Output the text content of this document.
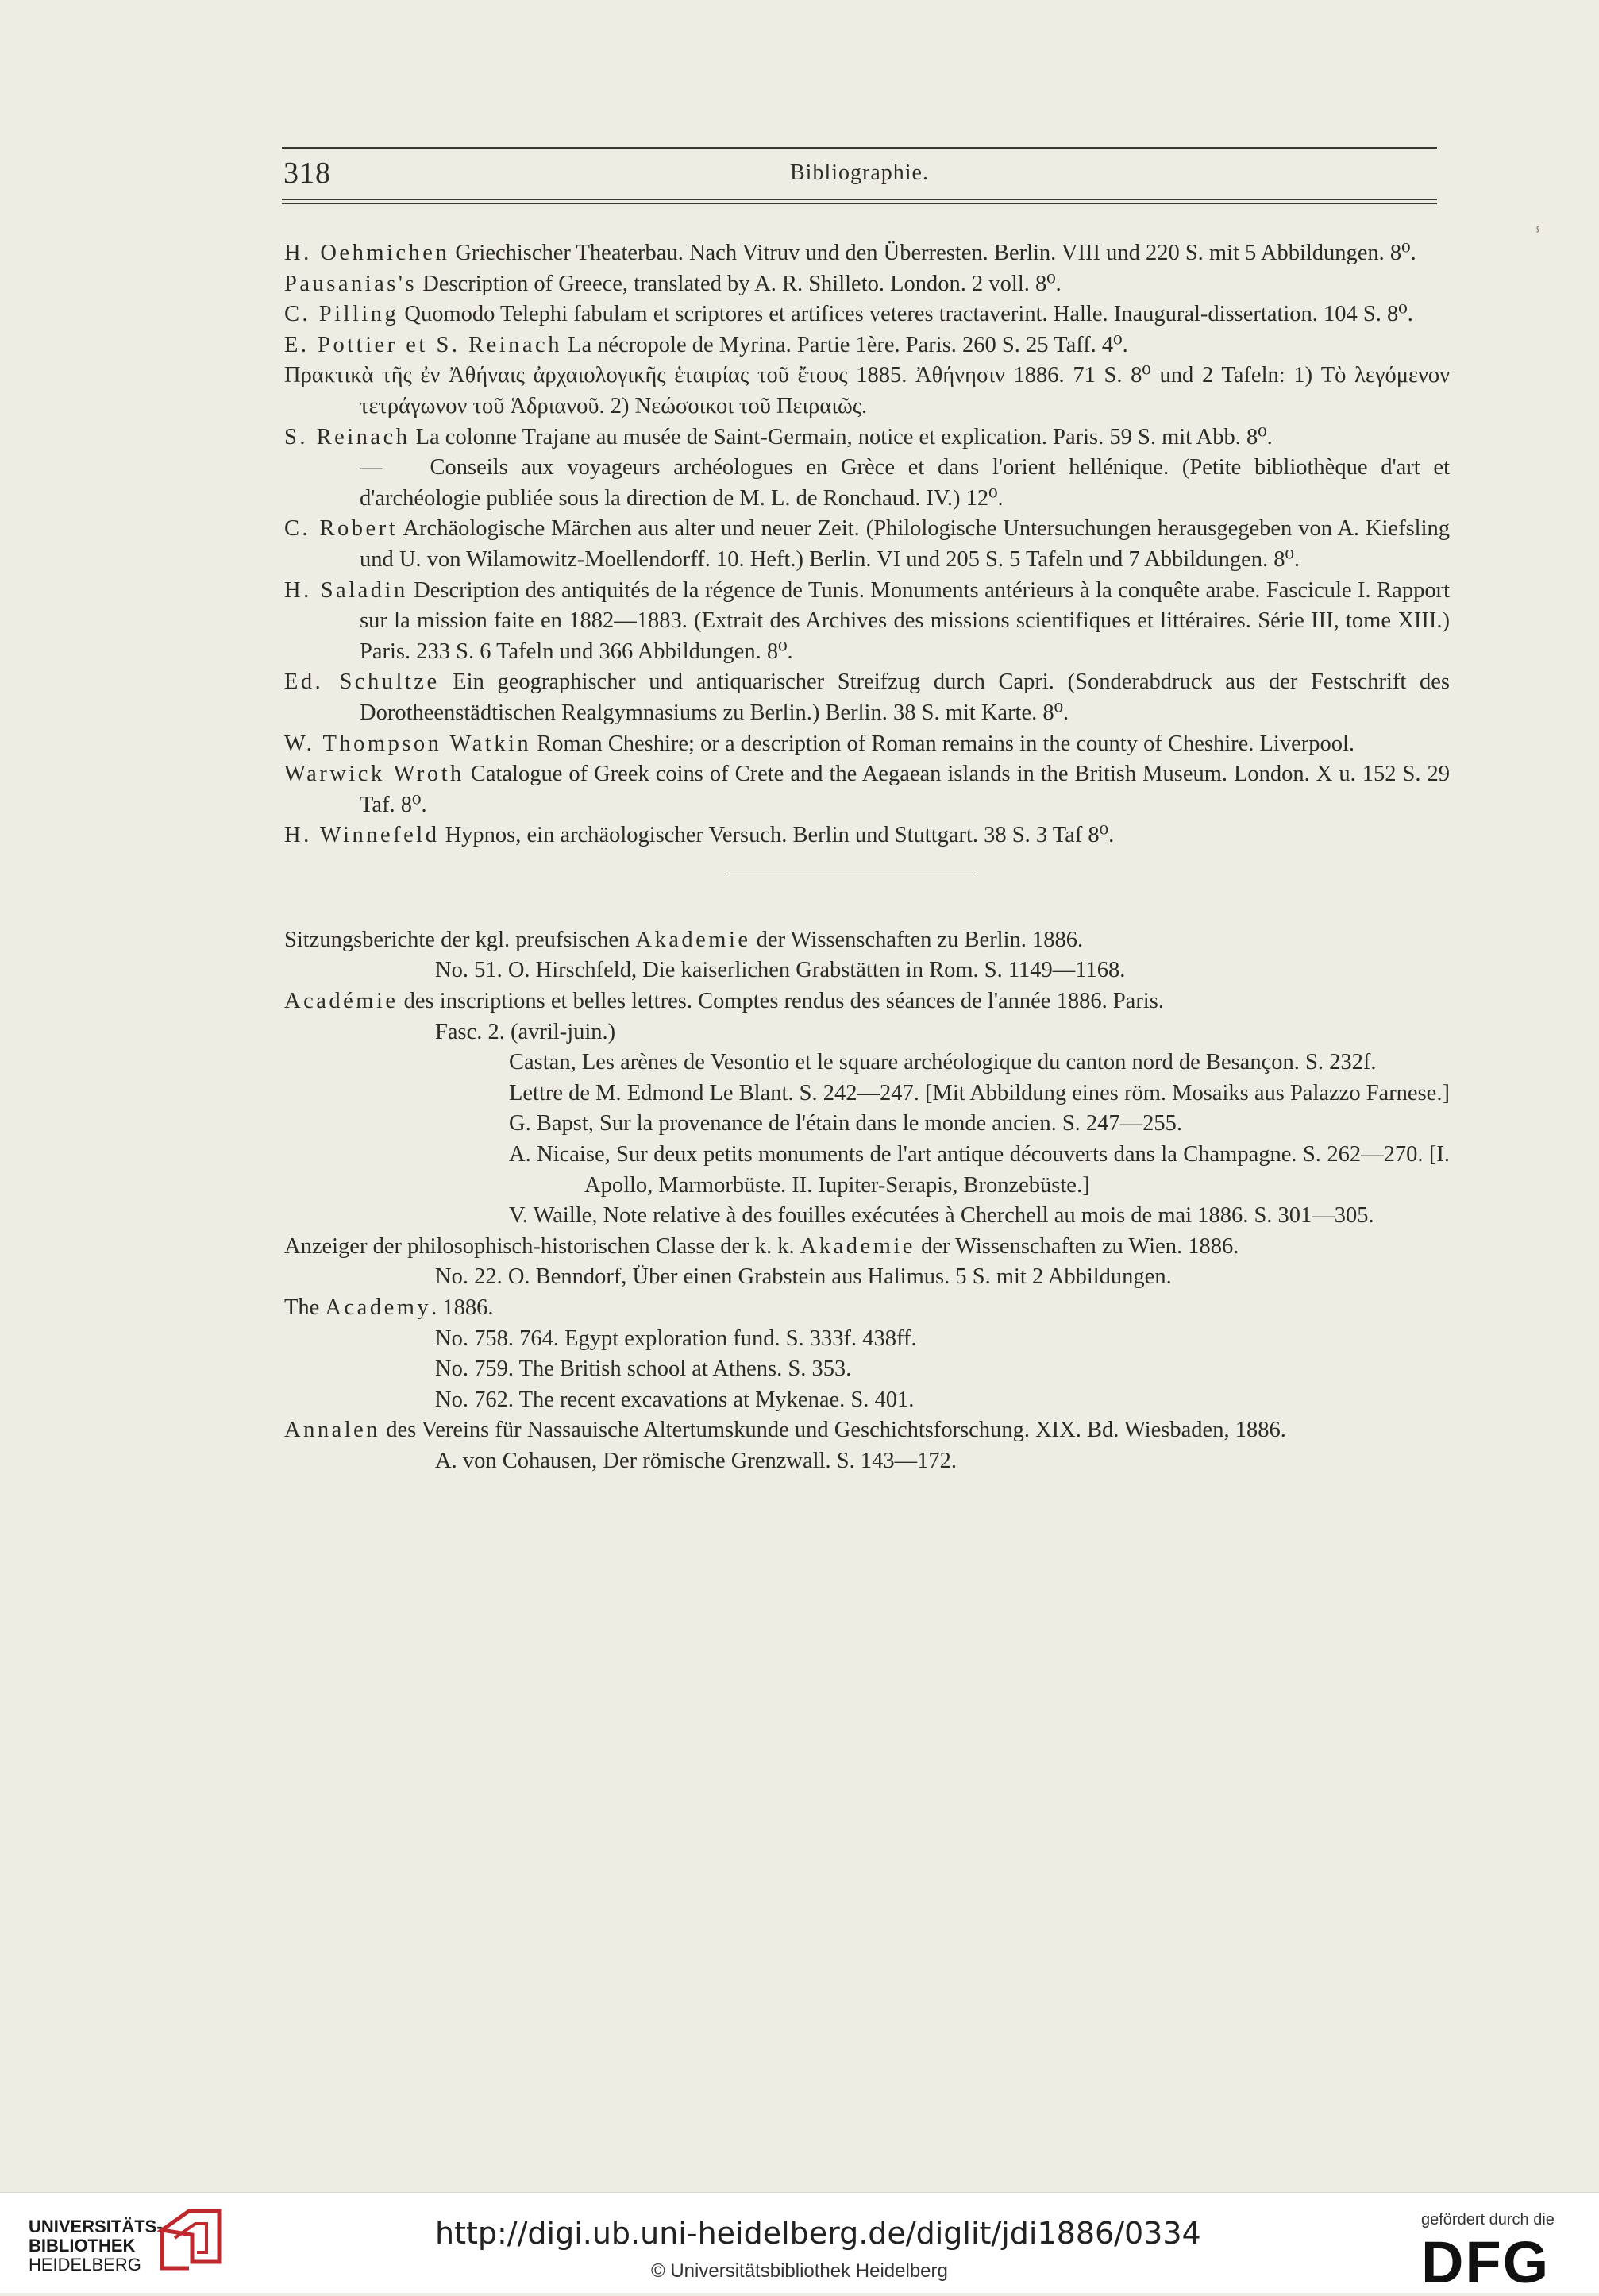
318	Bibliographie.
ⸯ

H. Oehmichen Griechischer Theaterbau. Nach Vitruv und den Überresten. Berlin. VIII und 220 S. mit 5 Abbildungen. 8⁰.

Pausanias's Description of Greece, translated by A. R. Shilleto. London. 2 voll. 8⁰.

C. Pilling Quomodo Telephi fabulam et scriptores et artifices veteres tractaverint. Halle. Inaugural-dissertation. 104 S. 8⁰.

E. Pottier et S. Reinach La nécropole de Myrina. Partie 1ère. Paris. 260 S. 25 Taff. 4⁰.

Πρακτικὰ τῆς ἐν Ἀθήναις ἀρχαιολογικῆς ἑταιρίας τοῦ ἔτους 1885. Ἀθήνησιν 1886. 71 S. 8⁰ und 2 Tafeln: 1) Τὸ λεγόμενον τετράγωνον τοῦ Ἁδριανοῦ. 2) Νεώσοικοι τοῦ Πειραιῶς.

S. Reinach La colonne Trajane au musée de Saint-Germain, notice et explication. Paris. 59 S. mit Abb. 8⁰.

— Conseils aux voyageurs archéologues en Grèce et dans l'orient hellénique. (Petite bibliothèque d'art et d'archéologie publiée sous la direction de M. L. de Ronchaud. IV.) 12⁰.

C. Robert Archäologische Märchen aus alter und neuer Zeit. (Philologische Untersuchungen herausgegeben von A. Kiefsling und U. von Wilamowitz-Moellendorff. 10. Heft.) Berlin. VI und 205 S. 5 Tafeln und 7 Abbildungen. 8⁰.

H. Saladin Description des antiquités de la régence de Tunis. Monuments antérieurs à la conquête arabe. Fascicule I. Rapport sur la mission faite en 1882—1883. (Extrait des Archives des missions scientifiques et littéraires. Série III, tome XIII.) Paris. 233 S. 6 Tafeln und 366 Abbildungen. 8⁰.

Ed. Schultze Ein geographischer und antiquarischer Streifzug durch Capri. (Sonderabdruck aus der Festschrift des Dorotheenstädtischen Realgymnasiums zu Berlin.) Berlin. 38 S. mit Karte. 8⁰.

W. Thompson Watkin Roman Cheshire; or a description of Roman remains in the county of Cheshire. Liverpool.

Warwick Wroth Catalogue of Greek coins of Crete and the Aegaean islands in the British Museum. London. X u. 152 S. 29 Taf. 8⁰.

H. Winnefeld Hypnos, ein archäologischer Versuch. Berlin und Stuttgart. 38 S. 3 Taf 8⁰.

Sitzungsberichte der kgl. preufsischen Akademie der Wissenschaften zu Berlin. 1886.

No. 51. O. Hirschfeld, Die kaiserlichen Grabstätten in Rom. S. 1149—1168.

Académie des inscriptions et belles lettres. Comptes rendus des séances de l'année 1886. Paris.

Fasc. 2. (avril-juin.)

Castan, Les arènes de Vesontio et le square archéologique du canton nord de Besançon. S. 232f.

Lettre de M. Edmond Le Blant. S. 242—247. [Mit Abbildung eines röm. Mosaiks aus Palazzo Farnese.]

G. Bapst, Sur la provenance de l'étain dans le monde ancien. S. 247—255.

A. Nicaise, Sur deux petits monuments de l'art antique découverts dans la Champagne. S. 262—270. [I. Apollo, Marmorbüste. II. Iupiter-Serapis, Bronzebüste.]

V. Waille, Note relative à des fouilles exécutées à Cherchell au mois de mai 1886. S. 301—305.

Anzeiger der philosophisch-historischen Classe der k. k. Akademie der Wissenschaften zu Wien. 1886.

No. 22. O. Benndorf, Über einen Grabstein aus Halimus. 5 S. mit 2 Abbildungen.

The Academy. 1886.

No. 758. 764. Egypt exploration fund. S. 333f. 438ff.

No. 759. The British school at Athens. S. 353.

No. 762. The recent excavations at Mykenae. S. 401.

Annalen des Vereins für Nassauische Altertumskunde und Geschichtsforschung. XIX. Bd. Wiesbaden, 1886.

A. von Cohausen, Der römische Grenzwall. S. 143—172.

UNIVERSITÄTS-
BIBLIOTHEK
HEIDELBERG
http://digi.ub.uni-heidelberg.de/diglit/jdi1886/0334
© Universitätsbibliothek Heidelberg
gefördert durch die
DFG
